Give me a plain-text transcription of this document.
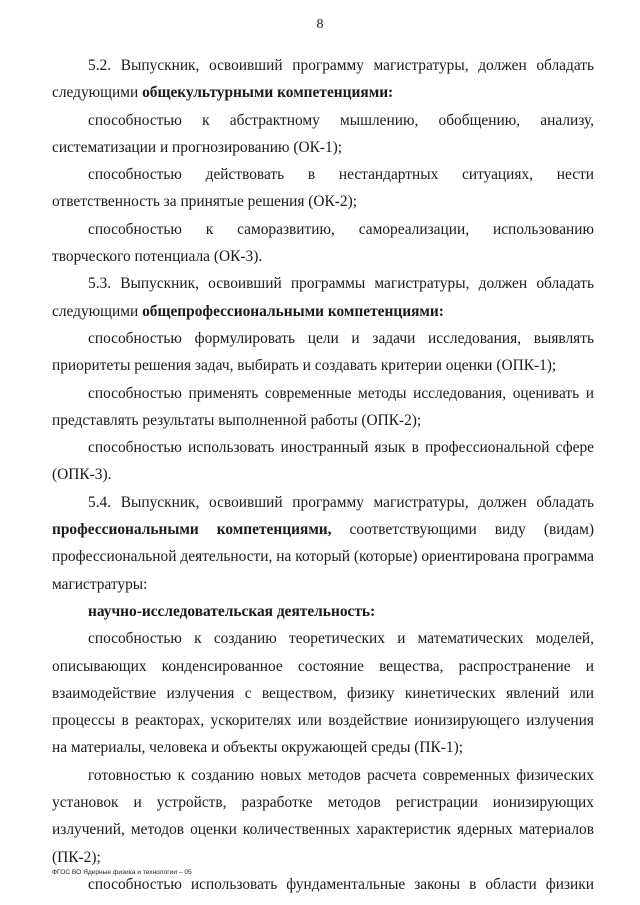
8

5.2. Выпускник, освоивший программу магистратуры, должен обладать следующими общекультурными компетенциями:

способностью к абстрактному мышлению, обобщению, анализу, систематизации и прогнозированию (ОК-1);

способностью действовать в нестандартных ситуациях, нести ответственность за принятые решения (ОК-2);

способностью к саморазвитию, самореализации, использованию творческого потенциала (ОК-3).

5.3. Выпускник, освоивший программы магистратуры, должен обладать следующими общепрофессиональными компетенциями:

способностью формулировать цели и задачи исследования, выявлять приоритеты решения задач, выбирать и создавать критерии оценки (ОПК-1);

способностью применять современные методы исследования, оценивать и представлять результаты выполненной работы (ОПК-2);

способностью использовать иностранный язык в профессиональной сфере (ОПК-3).

5.4. Выпускник, освоивший программу магистратуры, должен обладать профессиональными компетенциями, соответствующими виду (видам) профессиональной деятельности, на который (которые) ориентирована программа магистратуры:

научно-исследовательская деятельность:

способностью к созданию теоретических и математических моделей, описывающих конденсированное состояние вещества, распространение и взаимодействие излучения с веществом, физику кинетических явлений или процессы в реакторах, ускорителях или воздействие ионизирующего излучения на материалы, человека и объекты окружающей среды (ПК-1);

готовностью к созданию новых методов расчета современных физических установок и устройств, разработке методов регистрации ионизирующих излучений, методов оценки количественных характеристик ядерных материалов (ПК-2);

способностью использовать фундаментальные законы в области физики

ФГОС ВО Ядерные физика и технологии – 05
